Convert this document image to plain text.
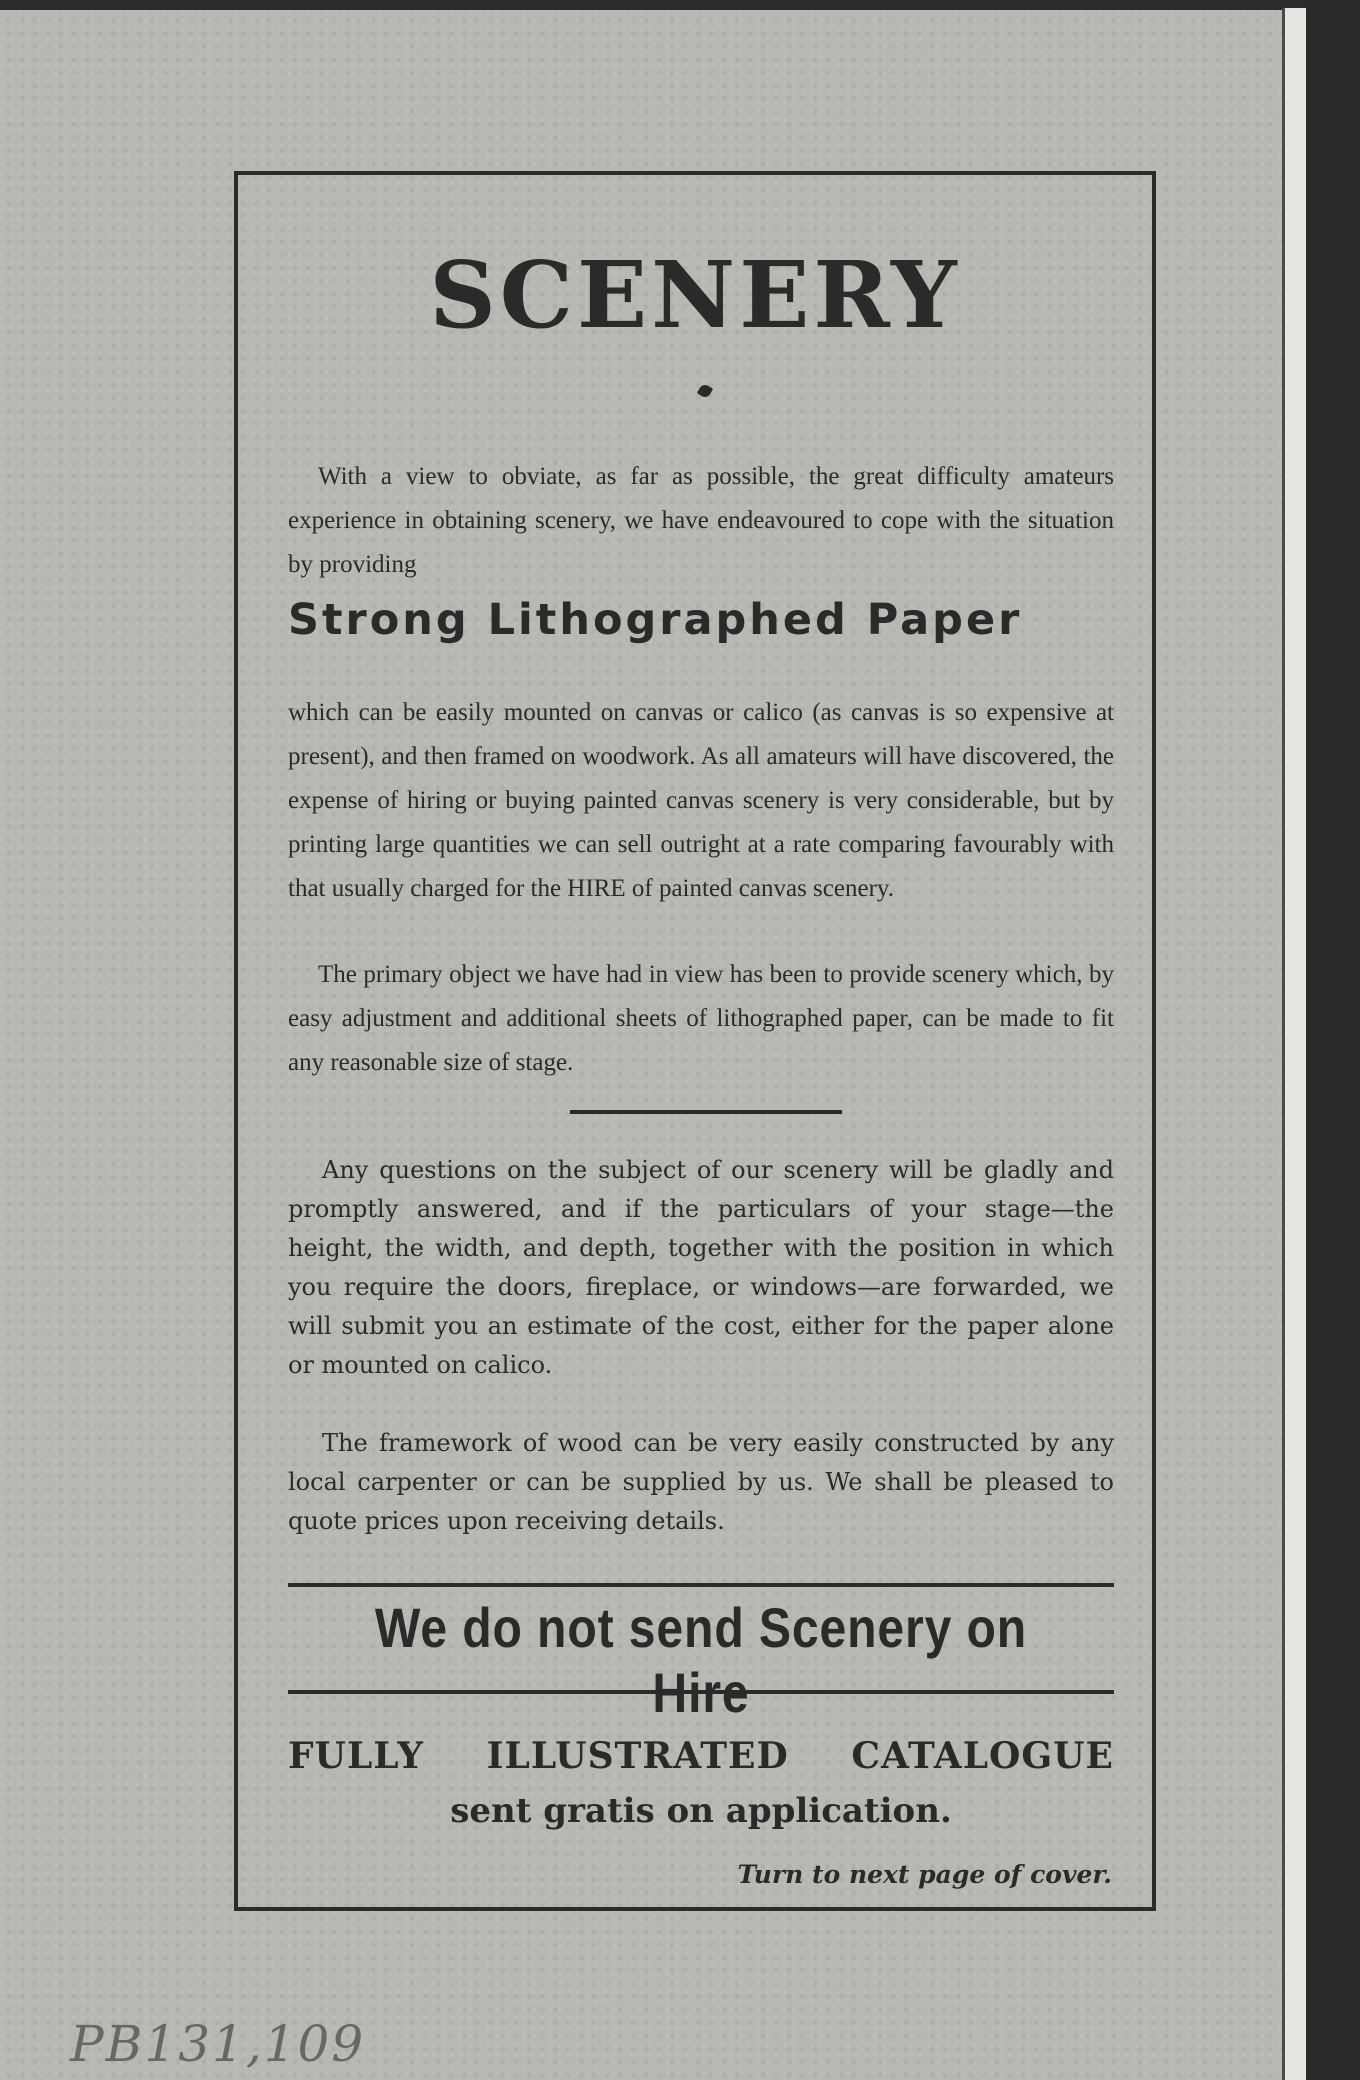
SCENERY

With a view to obviate, as far as possible, the great difficulty amateurs experience in obtaining scenery, we have endeavoured to cope with the situation by providing

Strong Lithographed Paper

which can be easily mounted on canvas or calico (as canvas is so expensive at present), and then framed on woodwork. As all amateurs will have discovered, the expense of hiring or buying painted canvas scenery is very considerable, but by printing large quantities we can sell outright at a rate comparing favourably with that usually charged for the HIRE of painted canvas scenery.

The primary object we have had in view has been to provide scenery which, by easy adjustment and additional sheets of lithographed paper, can be made to fit any reasonable size of stage.

Any questions on the subject of our scenery will be gladly and promptly answered, and if the particulars of your stage—the height, the width, and depth, together with the position in which you require the doors, fireplace, or windows—are forwarded, we will submit you an estimate of the cost, either for the paper alone or mounted on calico.

The framework of wood can be very easily constructed by any local carpenter or can be supplied by us. We shall be pleased to quote prices upon receiving details.

We do not send Scenery on Hire

FULLY ILLUSTRATED CATALOGUE

sent gratis on application.

Turn to next page of cover.

PB131,109
